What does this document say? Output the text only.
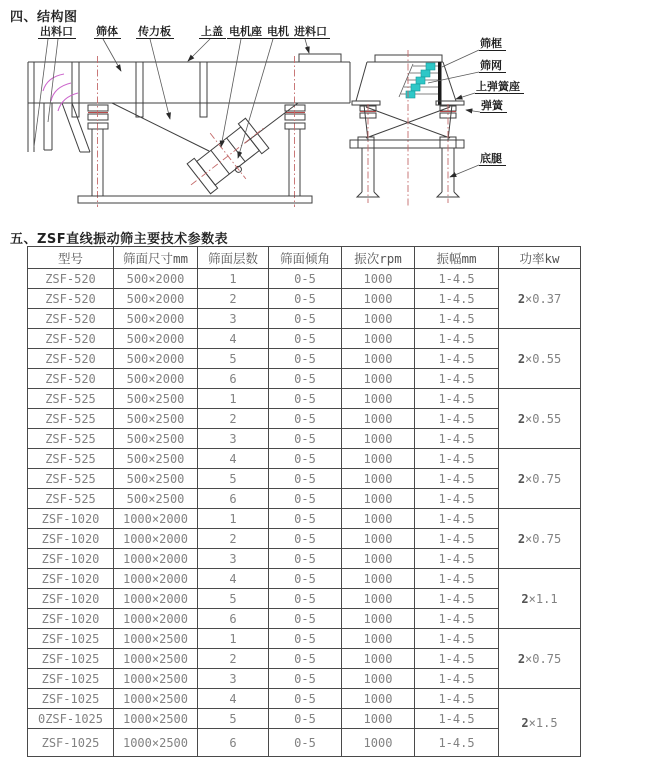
四、结构图
出料口 筛体 传力板	上盖 电机座 电机 进料口
筛框
筛网
上弹簧座
弹簧
底腿
五、ZSF直线振动筛主要技术参数表
型号	筛面尺寸mm	筛面层数	筛面倾角	振次rpm	振幅mm	功率kw
ZSF-520	500×2000	1	0-5	1000	1-4.5	2×0.37
ZSF-520	500×2000	2	0-5	1000	1-4.5	
ZSF-520	500×2000	3	0-5	1000	1-4.5	
ZSF-520	500×2000	4	0-5	1000	1-4.5	2×0.55
ZSF-520	500×2000	5	0-5	1000	1-4.5	
ZSF-520	500×2000	6	0-5	1000	1-4.5	
ZSF-525	500×2500	1	0-5	1000	1-4.5	2×0.55
ZSF-525	500×2500	2	0-5	1000	1-4.5	
ZSF-525	500×2500	3	0-5	1000	1-4.5	
ZSF-525	500×2500	4	0-5	1000	1-4.5	2×0.75
ZSF-525	500×2500	5	0-5	1000	1-4.5	
ZSF-525	500×2500	6	0-5	1000	1-4.5	
ZSF-1020	1000×2000	1	0-5	1000	1-4.5	2×0.75
ZSF-1020	1000×2000	2	0-5	1000	1-4.5	
ZSF-1020	1000×2000	3	0-5	1000	1-4.5	
ZSF-1020	1000×2000	4	0-5	1000	1-4.5	2×1.1
ZSF-1020	1000×2000	5	0-5	1000	1-4.5	
ZSF-1020	1000×2000	6	0-5	1000	1-4.5	
ZSF-1025	1000×2500	1	0-5	1000	1-4.5	2×0.75
ZSF-1025	1000×2500	2	0-5	1000	1-4.5	
ZSF-1025	1000×2500	3	0-5	1000	1-4.5	
ZSF-1025	1000×2500	4	0-5	1000	1-4.5	2×1.5
0ZSF-1025	1000×2500	5	0-5	1000	1-4.5	
ZSF-1025	1000×2500	6	0-5	1000	1-4.5	
